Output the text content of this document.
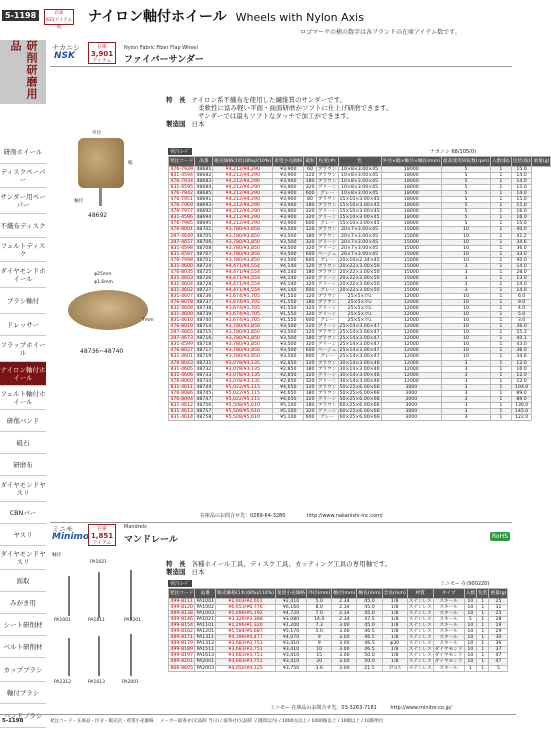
5-1198	在庫
631アイテム数
ナイロン軸付ホイール Wheels with Nylon Axis
ロゴマークの横の数字は各ブランドの在庫アイテム数です。
研削研磨用品
研削ホイール
ディスクペーパー
サンダー用ペーパー
不織布ディスク
フェルトディスク
ダイヤモンドホイール
ブラシ軸付
ドレッサー
フラップホイール
ナイロン軸付ホイール
フェルト軸付ホイール
研削バンド
砥石
研磨布
ダイヤモンドヤスリ
CBNバー
ヤスリ
ダイヤモンドヤスリ
面取
みがき用
シート研削材
ベルト研削材
カップブラシ
軸付ブラシ
ハンドブラシ
ナカニシ
NSK
在庫
3,901
アイテム
Nylon Fabric Fiber Flap Wheel
ファイバーサンダー
特　長 ナイロン系不織布を使用した繊維質のサンダーです。
柔軟性に富み軽い平面・曲面研磨がソフトに仕上げ研磨できます。
サンダーでは最もソフトなタッチで加工ができます。
製造国 日本
外径
幅
軸径
48692
φ25mm
φ1.6mm
7mm
48736~48740
発注ｺｰﾄﾞ	ナカニシ 68/105(0)
発注コード	品番	販売価格(1枚)(8%)/(10%)	希望小売価格	砥粒	粒度(#)	色	外径×幅×軸径×軸長(mm)	最高使用回転数(rpm)	入数(個)	包装(個)	重量(g)
476-7939	48681	¥4,212/¥4,290	¥3,900	60	ブラウン	10×8×3.00×45	18000	5	1	15.0	
831-4594	48682	¥4,212/¥4,290	¥3,900	120	ブラウン	10×8×3.00×45	18000	5	1	14.0	
476-7934	48683	¥4,212/¥4,290	¥3,900	180	ブラウン	10×8×3.00×45	18000	5	1	14.0	
831-4595	48684	¥4,212/¥4,290	¥3,900	320	グリーン	10×8×3.00×45	18000	5	1	15.0	
476-7942	48685	¥4,212/¥4,290	¥3,900	600	グレー	10×8×3.00×45	18000	5	1	14.0	
476-7951	48691	¥4,212/¥4,290	¥3,900	80	ブラウン	15×10×3.00×45	18000	5	1	15.0	
476-7969	48693	¥4,212/¥4,290	¥3,900	180	ブラウン	15×10×3.00×45	18000	5	1	15.0	
476-7977	48692	¥4,212/¥4,290	¥3,900	320	グリーン	15×10×3.00×45	18000	5	1	16.0	
831-4596	48694	¥4,212/¥4,290	¥3,900	320	グリーン	15×10×3.00×45	18000	5	1	16.0	
476-7985	48695	¥4,212/¥4,290	¥3,900	600	グレー	15×10×3.00×45	18000	5	1	15.0	
476-8001	48701	¥3,780/¥3,850	¥3,500	120	ブラウン	20×7×3.00×45	15000	10	1	40.0	
297-4649	48705	¥3,780/¥3,850	¥3,500	180	ブラウン	20×7×3.00×45	15000	10	1	41.2	
297-4657	48706	¥3,780/¥3,850	¥3,500	320	グリーン	20×7×3.00×45	15000	10	1	34.6	
831-4598	48708	¥3,780/¥3,850	¥3,500	320	グリーン	20×7×3.00×45	15000	10	1	36.0	
831-4597	48707	¥3,780/¥3,850	¥3,500	600	ベージュ	20×7×3.00×45	15000	10	1	33.0	
476-7998	48701	¥3,780/¥3,850	¥3,500	600	グレー	20×10×2.34×45	15000	10	1	40.0	
831-4600	48724	¥4,471/¥4,554	¥4,140	120	ブラウン	20×22×3.00×50	15000	3	1	14.0	
476-8035	48725	¥4,471/¥4,554	¥4,140	180	ブラウン	20×22×3.00×50	15000	3	1	28.0	
831-4603	48726	¥4,471/¥4,554	¥4,140	320	グリーン	20×22×3.00×50	15000	3	1	13.0	
831-4604	48728	¥4,471/¥4,554	¥4,140	320	グリーン	20×22×3.00×50	15000	3	1	14.0	
831-4602	48727	¥4,471/¥4,554	¥4,140	600	グレー	20×22×3.00×50	15000	3	1	14.0	
831-4607	48736	¥1,674/¥1,705	¥1,550	120	ブラウン	25×5×ｽﾘﾑ	12000	10	1	6.0	
476-8078	48737	¥1,674/¥1,705	¥1,550	180	ブラウン	25×5×ｽﾘﾑ	12000	10	1	9.0	
831-4608	48738	¥1,674/¥1,705	¥1,550	320	グリーン	25×5×ｽﾘﾑ	12000	10	1	4.0	
831-4609	48739	¥1,674/¥1,705	¥1,550	320	グリーン	25×5×ｽﾘﾑ	12000	10	1	5.0	
831-4610	48740	¥1,674/¥1,705	¥1,550	600	グレー	25×5×ｽﾘﾑ	12000	10	1	3.0	
476-8019	48714	¥3,780/¥3,850	¥3,500	120	グリーン	25×14×3.00×47	12000	10	1	36.0	
297-4665	48715	¥3,780/¥3,850	¥3,500	120	ブラウン	25×14×3.00×47	12000	10	1	55.3	
297-4673	48716	¥3,780/¥3,850	¥3,500	180	ブラウン	25×14×3.00×47	12000	10	1	40.1	
831-4599	48718	¥3,780/¥3,850	¥3,500	320	グリーン	25×14×3.00×47	12000	10	1	43.0	
476-8027	48717	¥3,780/¥3,850	¥3,500	600	ベージュ	25×14×3.00×47	12000	10	1	36.0	
831-4601	48719	¥3,780/¥3,850	¥3,500	600	グレー	25×14×3.00×47	12000	10	1	34.6	
476-8043	48731	¥3,078/¥3,135	¥2,850	120	ブラウン	30×14×3.00×46	12000	3	1	12.0	
831-4605	48732	¥3,078/¥3,135	¥2,850	180	ブラウン	30×14×3.00×46	12000	3	1	16.0	
831-4606	48733	¥3,078/¥3,135	¥2,850	320	グリーン	30×14×3.00×46	12000	3	1	12.0	
476-8060	48734	¥3,078/¥3,135	¥2,850	320	グリーン	30×14×3.00×46	12000	3	1	12.0	
831-4611	48744	¥5,022/¥5,115	¥4,650	120	ブラウン	50×25×6.00×66	3000	3	1	104.0	
476-8086	48745	¥5,022/¥5,115	¥4,650	180	ブラウン	50×25×6.00×66	3000	3	1	89.0	
476-8094	48747	¥5,022/¥5,115	¥4,650	320	グリーン	50×25×6.00×66	3000	3	1	89.0	
831-4612	48756	¥5,508/¥5,610	¥5,100	180	ブラウン	60×25×6.00×66	3000	3	1	136.0	
831-4613	48757	¥5,508/¥5,610	¥5,100	320	グリーン	60×25×6.00×66	3000	3	1	145.0	
831-4614	48758	¥5,508/¥5,610	¥5,100	600	グレー	60×25×6.00×66	3000	3	1	122.0	
在庫品のお問合せ先：0289-64-3280	http://www.nakanishi-inc.com/
ミニモ
Minimo
在庫
1,851
アイテム
Mandrels
マンドレール	RoHS
特　長 各種ホイール工具、ディスク工具、カッティング工具の専用軸です。
製造国 日本
軸径
PA1001	PA1811	PA1201
PA1021
PA1312	PA1613	PA2001
発注ｺｰﾄﾞ	ミニモー 在(900220)
発注コード	品番	販売価格(1本)(8%)/(10%)	希望小売価格	外径(mm)	軸径(mm)	軸長(mm)	全長(mm)	材質	タイプ	入数	包装	重量(g)
499-8111	PA1001	¥2,603/¥2,651	¥2,410	5.0	2.34	45.0	1/8	ステンレス	スキール	10	1	25
499-8120	PA1002	¥6,653/¥6,776	¥6,160	8.0	2.34	45.0	1/8	ステンレス	スキール	10	1	31
499-8138	PA1003	¥5,098/¥5,192	¥4,720	7.0	2.34	45.0	1/8	ステンレス	スキール	10	1	25
499-8146	PA1021	¥3,326/¥3,388	¥3,080	14.0	2.34	47.5	1/8	ステンレス	スキール	5	1	28
499-8154	PA1101	¥1,296/¥1,320	¥1,200	7.3	3.00	45.0	1/8	ステンレス	スキール	10	1	19
499-8162	PA1201	¥5,584/¥5,687	¥5,170	5.0	3.00	46.5	1/8	ステンレス	スキール	10	1	29
499-8171	PA1311	¥4,396/¥4,477	¥4,070	9	3.00	46.5	1/8	ステンレス	スキール	10	1	30
499-8179	PA1312	¥3,683/¥3,751	¥3,410	9	3.00	46.5	φ30	ステンレス	スキール	10	1	36
499-8189	PA1511	¥3,683/¥3,751	¥3,410	10	3.00	46.5	1/8	ステンレス	ダイヤモンド	10	1	37
499-8197	PA1613	¥3,683/¥3,751	¥3,410	15	3.00	50.0	1/8	ステンレス	ダイヤモンド	10	1	47
499-8201	PA2001	¥3,683/¥3,751	¥3,410	20	3.00	50.0	1/8	ステンレス	ダイヤモンド	10	1	47
866-8605	PA2003	¥4,050/¥4,125	¥3,750	3.6	3.00	21.5	ｽﾃﾝﾚｽ	ステンレス	スキール	1	1	5
ミニモー 在庫品のお問合せ先：03-3263-7181	http://www.minitor.co.jp/
5-1198	発注コード・在庫品・区分・販売店・希望小売価格 メーカー取寄せ(欠品時 当日) / 取寄せ(欠品時 ２週間以内) / 1000点以上 / 1000個以上 / 10個以上 / 10個単位
